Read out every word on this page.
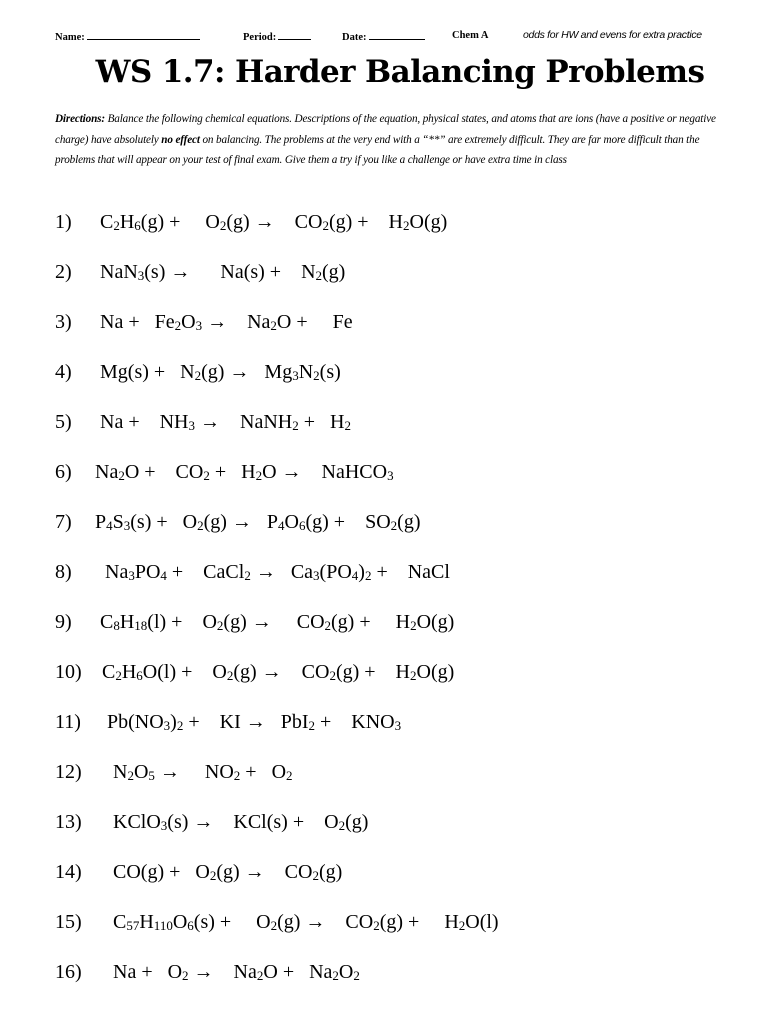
Name:	Period:	Date:	Chem A	odds for HW and evens for extra practice
WS 1.7: Harder Balancing Problems
Directions: Balance the following chemical equations. Descriptions of the equation, physical states, and atoms that are ions (have a positive or negative charge) have absolutely no effect on balancing. The problems at the very end with a “**” are extremely difficult. They are far more difficult than the problems that will appear on your test of final exam. Give them a try if you like a challenge or have extra time in class
1) $C_2H_6(g)$ +     $O_2(g)$ →    $CO_2(g)$ +    $H_2O(g)$
2) NaN$_3$(s) →      Na(s) +    $N_2(g)$
3) $Na + Fe_2O_3$ →    $Na_2O$ +     Fe
4) $Mg(s) + N_2(g) \to Mg_3N_2(s)$
5) Na +    $NH_3$ →    NaNH$_2$ +   $H_2$
6) $Na_2O$ +    $CO_2 + H_2O$ →    NaHCO$_3$
7) $P_4S_3(s) + O_2(g) \to P_4O_6(g)$ +    $SO_2(g)$
8) $Na_3PO_4$ +    CaCl$_2$ →   $Ca_3(PO_4)_2$ +    NaCl
9) $C_8H_{18}(l)$ +    $O_2(g)$ →     $CO_2(g)$ +     $H_2O(g)$
10) $C_2H_6O(l)$ +    $O_2(g)$ →    $CO_2(g)$ +    $H_2O(g)$
11) $Pb(NO_3)_2$ +    KI →   PbI$_2$ +    $KNO_3$
12) $N_2O_5$ →     $NO_2 + O_2$
13) KClO$_3$(s) →    KCl(s) +    $O_2(g)$
14) $CO(g) + O_2(g)$ →    $CO_2(g)$
15) $C_{57}H_{110}O_6(s)$ +     $O_2(g)$ →    $CO_2(g)$ +     $H_2O(l)$
16) $Na + O_2$ →    $Na_2O + Na_2O_2$
